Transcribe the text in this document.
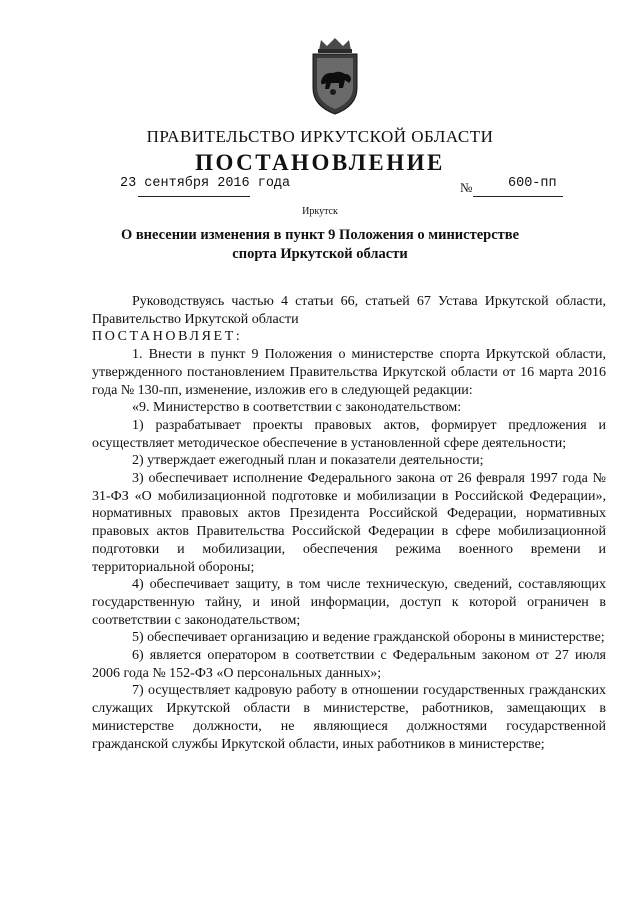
ПРАВИТЕЛЬСТВО ИРКУТСКОЙ ОБЛАСТИ
ПОСТАНОВЛЕНИЕ
23 сентября 2016 года	№	600-пп
Иркутск
О внесении изменения в пункт 9 Положения о министерстве спорта Иркутской области

Руководствуясь частью 4 статьи 66, статьей 67 Устава Иркутской области, Правительство Иркутской области

ПОСТАНОВЛЯЕТ:

1. Внести в пункт 9 Положения о министерстве спорта Иркутской области, утвержденного постановлением Правительства Иркутской области от 16 марта 2016 года № 130-пп, изменение, изложив его в следующей редакции:

«9. Министерство в соответствии с законодательством:

1) разрабатывает проекты правовых актов, формирует предложения и осуществляет методическое обеспечение в установленной сфере деятельности;

2) утверждает ежегодный план и показатели деятельности;

3) обеспечивает исполнение Федерального закона от 26 февраля 1997 года № 31-ФЗ «О мобилизационной подготовке и мобилизации в Российской Федерации», нормативных правовых актов Президента Российской Федерации, нормативных правовых актов Правительства Российской Федерации в сфере мобилизационной подготовки и мобилизации, обеспечения режима военного времени и территориальной обороны;

4) обеспечивает защиту, в том числе техническую, сведений, составляющих государственную тайну, и иной информации, доступ к которой ограничен в соответствии с законодательством;

5) обеспечивает организацию и ведение гражданской обороны в министерстве;

6) является оператором в соответствии с Федеральным законом от 27 июля 2006 года № 152-ФЗ «О персональных данных»;

7) осуществляет кадровую работу в отношении государственных гражданских служащих Иркутской области в министерстве, работников, замещающих в министерстве должности, не являющиеся должностями государственной гражданской службы Иркутской области, иных работников в министерстве;
